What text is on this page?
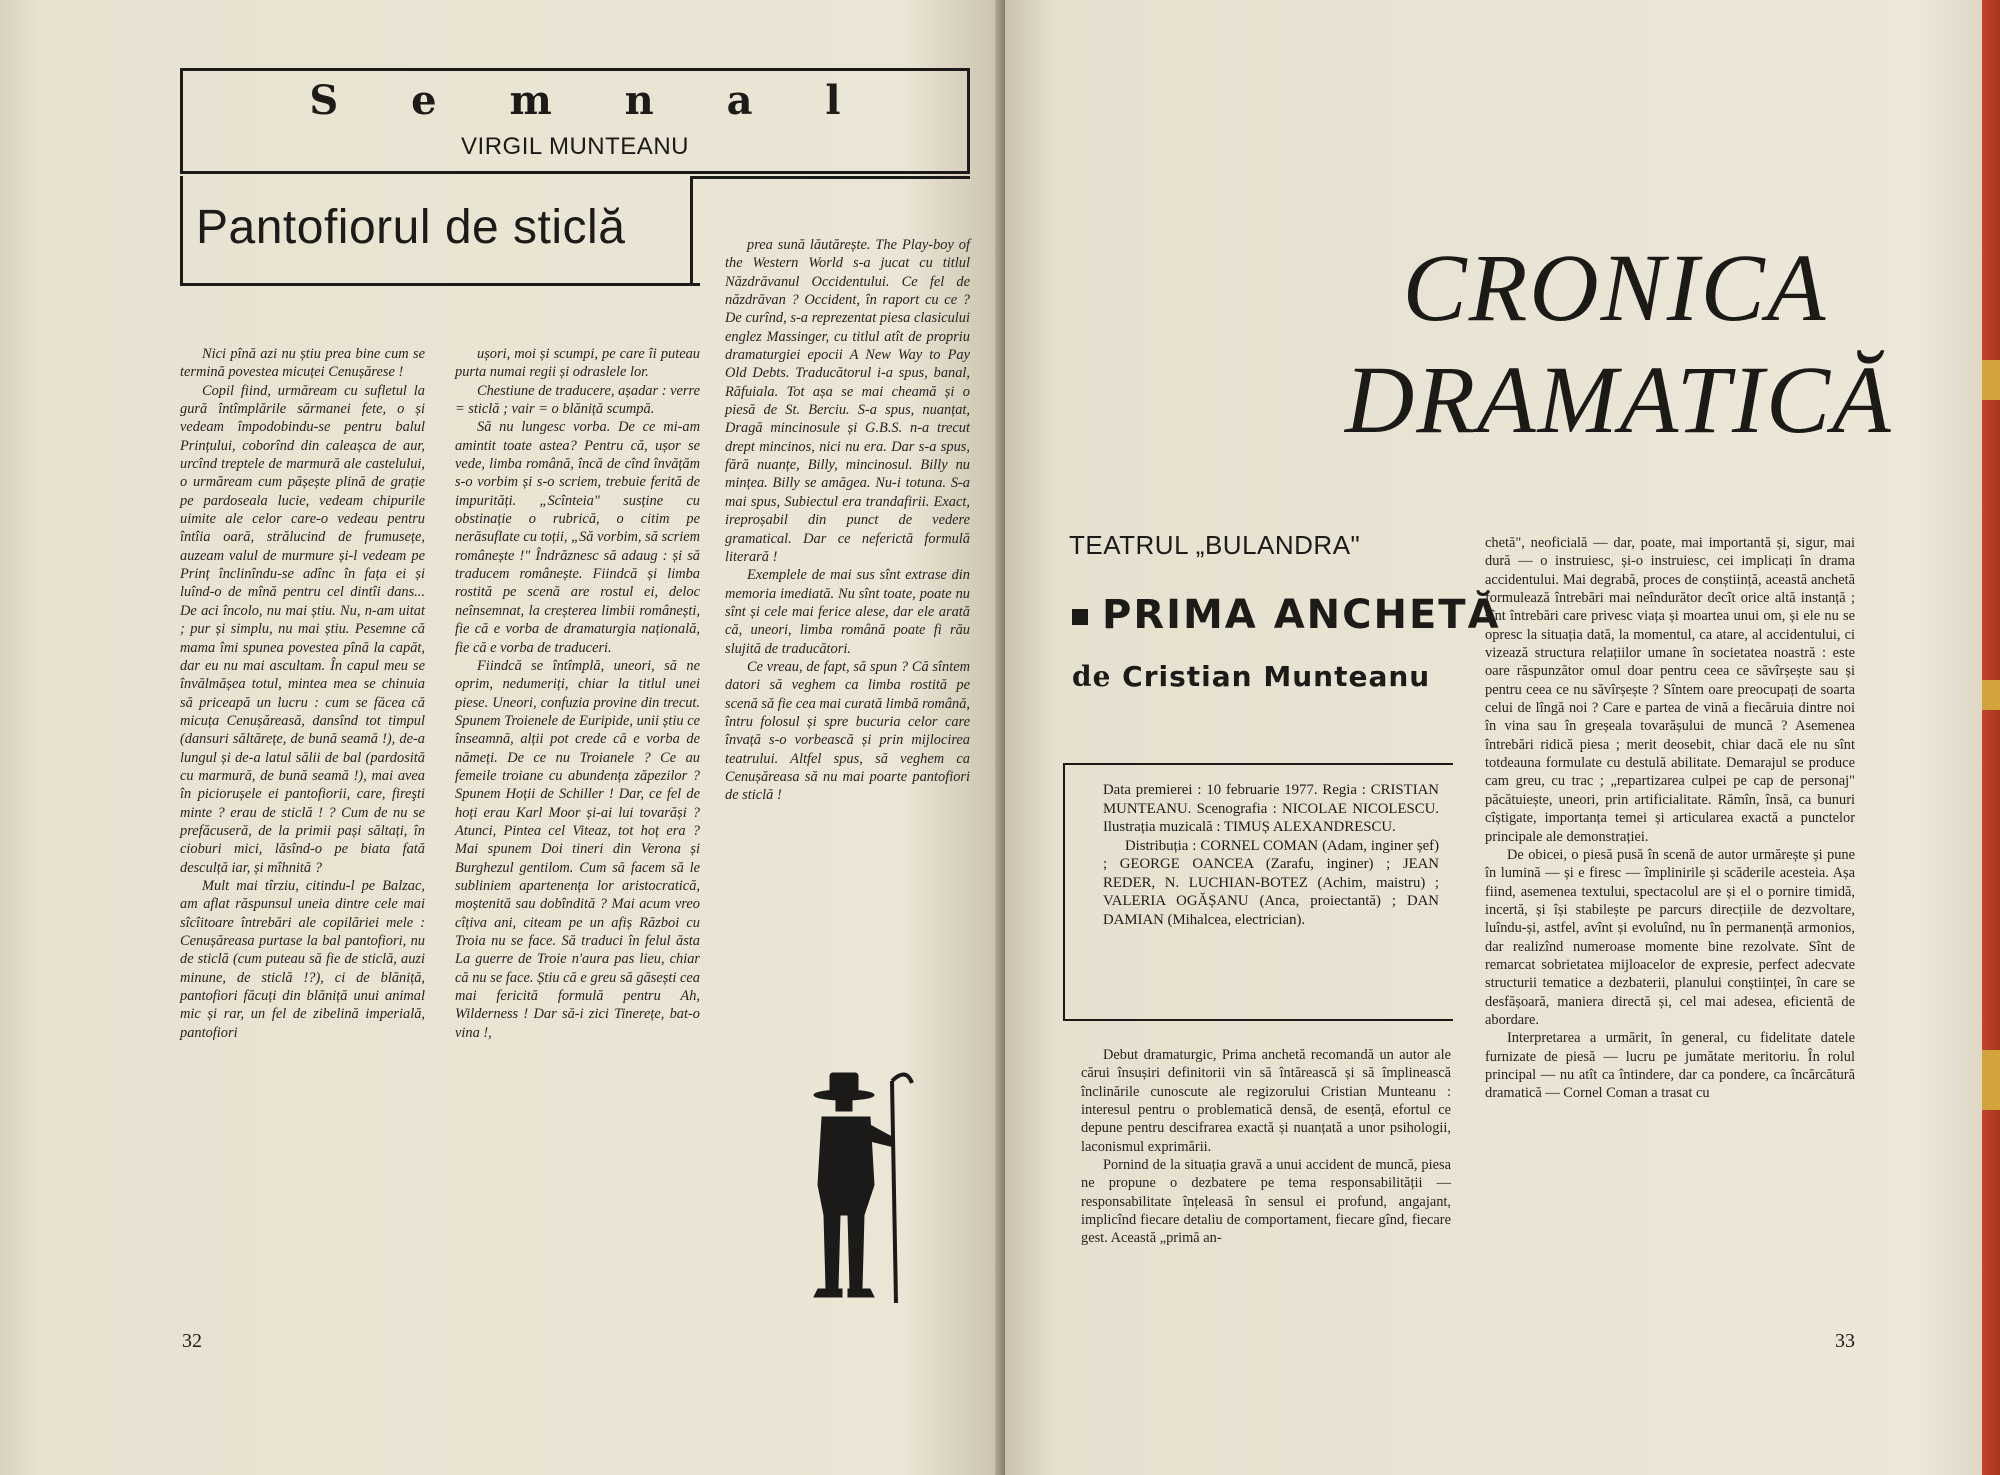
S e m n a l
VIRGIL MUNTEANU
Pantofiorul de sticlă

Nici pînă azi nu știu prea bine cum se termină povestea micuței Cenușărese !

Copil fiind, urmăream cu sufletul la gură întîmplările sărmanei fete, o și vedeam împodobindu-se pentru balul Prințului, coborînd din caleașca de aur, urcînd treptele de marmură ale castelului, o urmăream cum pășește plină de grație pe pardoseala lucie, vedeam chipurile uimite ale celor care-o vedeau pentru întîia oară, strălucind de frumusețe, auzeam valul de murmure și-l vedeam pe Prinț înclinîndu-se adînc în fața ei și luînd-o de mînă pentru cel dintîi dans... De aci încolo, nu mai știu. Nu, n-am uitat ; pur și simplu, nu mai știu. Pesemne că mama îmi spunea povestea pînă la capăt, dar eu nu mai ascultam. În capul meu se învălmășea totul, mintea mea se chinuia să priceapă un lucru : cum se făcea că micuța Cenușăreasă, dansînd tot timpul (dansuri săltărețe, de bună seamă !), de-a lungul și de-a latul sălii de bal (pardosită cu marmură, de bună seamă !), mai avea în piciorușele ei pantofiorii, care, fireşti minte ? erau de sticlă ! ? Cum de nu se prefăcuseră, de la primii pași săltați, în cioburi mici, lăsînd-o pe biata fată desculță iar, și mîhnită ?

Mult mai tîrziu, citindu-l pe Balzac, am aflat răspunsul uneia dintre cele mai sîcîitoare întrebări ale copilăriei mele : Cenușăreasa purtase la bal pantofiori, nu de sticlă (cum puteau să fie de sticlă, auzi minune, de sticlă !?), ci de blăniță, pantofiori făcuți din blăniță unui animal mic și rar, un fel de zibelină imperială, pantofiori

ușori, moi și scumpi, pe care îi puteau purta numai regii și odraslele lor.

Chestiune de traducere, așadar : verre = sticlă ; vair = o blăniță scumpă.

Să nu lungesc vorba. De ce mi-am amintit toate astea? Pentru că, ușor se vede, limba română, încă de cînd învățăm s-o vorbim și s-o scriem, trebuie ferită de impurități. „Scînteia" susține cu obstinație o rubrică, o citim pe nerăsuflate cu toții, „Să vorbim, să scriem românește !" Îndrăznesc să adaug : și să traducem românește. Fiindcă și limba rostită pe scenă are rostul ei, deloc neînsemnat, la creșterea limbii românești, fie că e vorba de dramaturgia națională, fie că e vorba de traduceri.

Fiindcă se întîmplă, uneori, să ne oprim, nedumeriți, chiar la titlul unei piese. Uneori, confuzia provine din trecut. Spunem Troienele de Euripide, unii știu ce înseamnă, alții pot crede că e vorba de nămeți. De ce nu Troianele ? Ce au femeile troiane cu abundența zăpezilor ? Spunem Hoții de Schiller ! Dar, ce fel de hoți erau Karl Moor și-ai lui tovarăși ? Atunci, Pintea cel Viteaz, tot hoț era ? Mai spunem Doi tineri din Verona și Burghezul gentilom. Cum să facem să le subliniem apartenența lor aristocratică, moștenită sau dobîndită ? Mai acum vreo cîțiva ani, citeam pe un afiș Război cu Troia nu se face. Să traduci în felul ăsta La guerre de Troie n'aura pas lieu, chiar că nu se face. Știu că e greu să găsești cea mai fericită formulă pentru Ah, Wilderness ! Dar să-i zici Tinerețe, bat-o vina !,

prea sună lăutărește. The Play-boy of the Western World s-a jucat cu titlul Năzdrăvanul Occidentului. Ce fel de năzdrăvan ? Occident, în raport cu ce ? De curînd, s-a reprezentat piesa clasicului englez Massinger, cu titlul atît de propriu dramaturgiei epocii A New Way to Pay Old Debts. Traducătorul i-a spus, banal, Răfuiala. Tot așa se mai cheamă și o piesă de St. Berciu. S-a spus, nuanțat, Dragă mincinosule și G.B.S. n-a trecut drept mincinos, nici nu era. Dar s-a spus, fără nuanțe, Billy, mincinosul. Billy nu mințea. Billy se amăgea. Nu-i totuna. S-a mai spus, Subiectul era trandafirii. Exact, ireproșabil din punct de vedere gramatical. Dar ce neferictă formulă literară !

Exemplele de mai sus sînt extrase din memoria imediată. Nu sînt toate, poate nu sînt și cele mai ferice alese, dar ele arată că, uneori, limba română poate fi rău slujită de traducători.

Ce vreau, de fapt, să spun ? Că sîntem datori să veghem ca limba rostită pe scenă să fie cea mai curată limbă română, întru folosul și spre bucuria celor care învață s-o vorbească și prin mijlocirea teatrului. Altfel spus, să veghem ca Cenușăreasa să nu mai poarte pantofiori de sticlă !

32
CRONICA
DRAMATICĂ
TEATRUL „BULANDRA"
PRIMA ANCHETĂ
de Cristian Munteanu

Data premierei : 10 februarie 1977. Regia : CRISTIAN MUNTEANU. Scenografia : NICOLAE NICOLESCU. Ilustrația muzicală : TIMUȘ ALEXANDRESCU.

Distribuția : CORNEL COMAN (Adam, inginer șef) ; GEORGE OANCEA (Zarafu, inginer) ; JEAN REDER, N. LUCHIAN-BOTEZ (Achim, maistru) ; VALERIA OGĂȘANU (Anca, proiectantă) ; DAN DAMIAN (Mihalcea, electrician).

Debut dramaturgic, Prima anchetă recomandă un autor ale cărui însușiri definitorii vin să întărească și să împlinească înclinările cunoscute ale regizorului Cristian Munteanu : interesul pentru o problematică densă, de esență, efortul ce depune pentru descifrarea exactă și nuanțată a unor psihologii, laconismul exprimării.

Pornind de la situația gravă a unui accident de muncă, piesa ne propune o dezbatere pe tema responsabilității — responsabilitate înțeleasă în sensul ei profund, angajant, implicînd fiecare detaliu de comportament, fiecare gînd, fiecare gest. Această „primă an-

chetă", neoficială — dar, poate, mai importantă și, sigur, mai dură — o instruiesc, și-o instruiesc, cei implicați în drama accidentului. Mai degrabă, proces de conștiință, această anchetă formulează întrebări mai neîndurător decît orice altă instanță ; sînt întrebări care privesc viața și moartea unui om, și ele nu se opresc la situația dată, la momentul, ca atare, al accidentului, ci vizează structura relațiilor umane în societatea noastră : este oare răspunzător omul doar pentru ceea ce săvîrșește sau și pentru ceea ce nu săvîrșește ? Sîntem oare preocupați de soarta celui de lîngă noi ? Care e partea de vină a fiecăruia dintre noi în vina sau în greșeala tovarășului de muncă ? Asemenea întrebări ridică piesa ; merit deosebit, chiar dacă ele nu sînt totdeauna formulate cu destulă abilitate. Demarajul se produce cam greu, cu trac ; „repartizarea culpei pe cap de personaj" păcătuiește, uneori, prin artificialitate. Rămîn, însă, ca bunuri cîștigate, importanța temei și articularea exactă a punctelor principale ale demonstrației.

De obicei, o piesă pusă în scenă de autor urmărește și pune în lumină — și e firesc — împlinirile și scăderile acesteia. Așa fiind, asemenea textului, spectacolul are și el o pornire timidă, incertă, și își stabilește pe parcurs direcțiile de dezvoltare, luîndu-și, astfel, avînt și evoluînd, nu în permanență armonios, dar realizînd numeroase momente bine rezolvate. Sînt de remarcat sobrietatea mijloacelor de expresie, perfect adecvate structurii tematice a dezbaterii, planului conștiinței, în care se desfășoară, maniera directă și, cel mai adesea, eficientă de abordare.

Interpretarea a urmărit, în general, cu fidelitate datele furnizate de piesă — lucru pe jumătate meritoriu. În rolul principal — nu atît ca întindere, dar ca pondere, ca încărcătură dramatică — Cornel Coman a trasat cu

33
